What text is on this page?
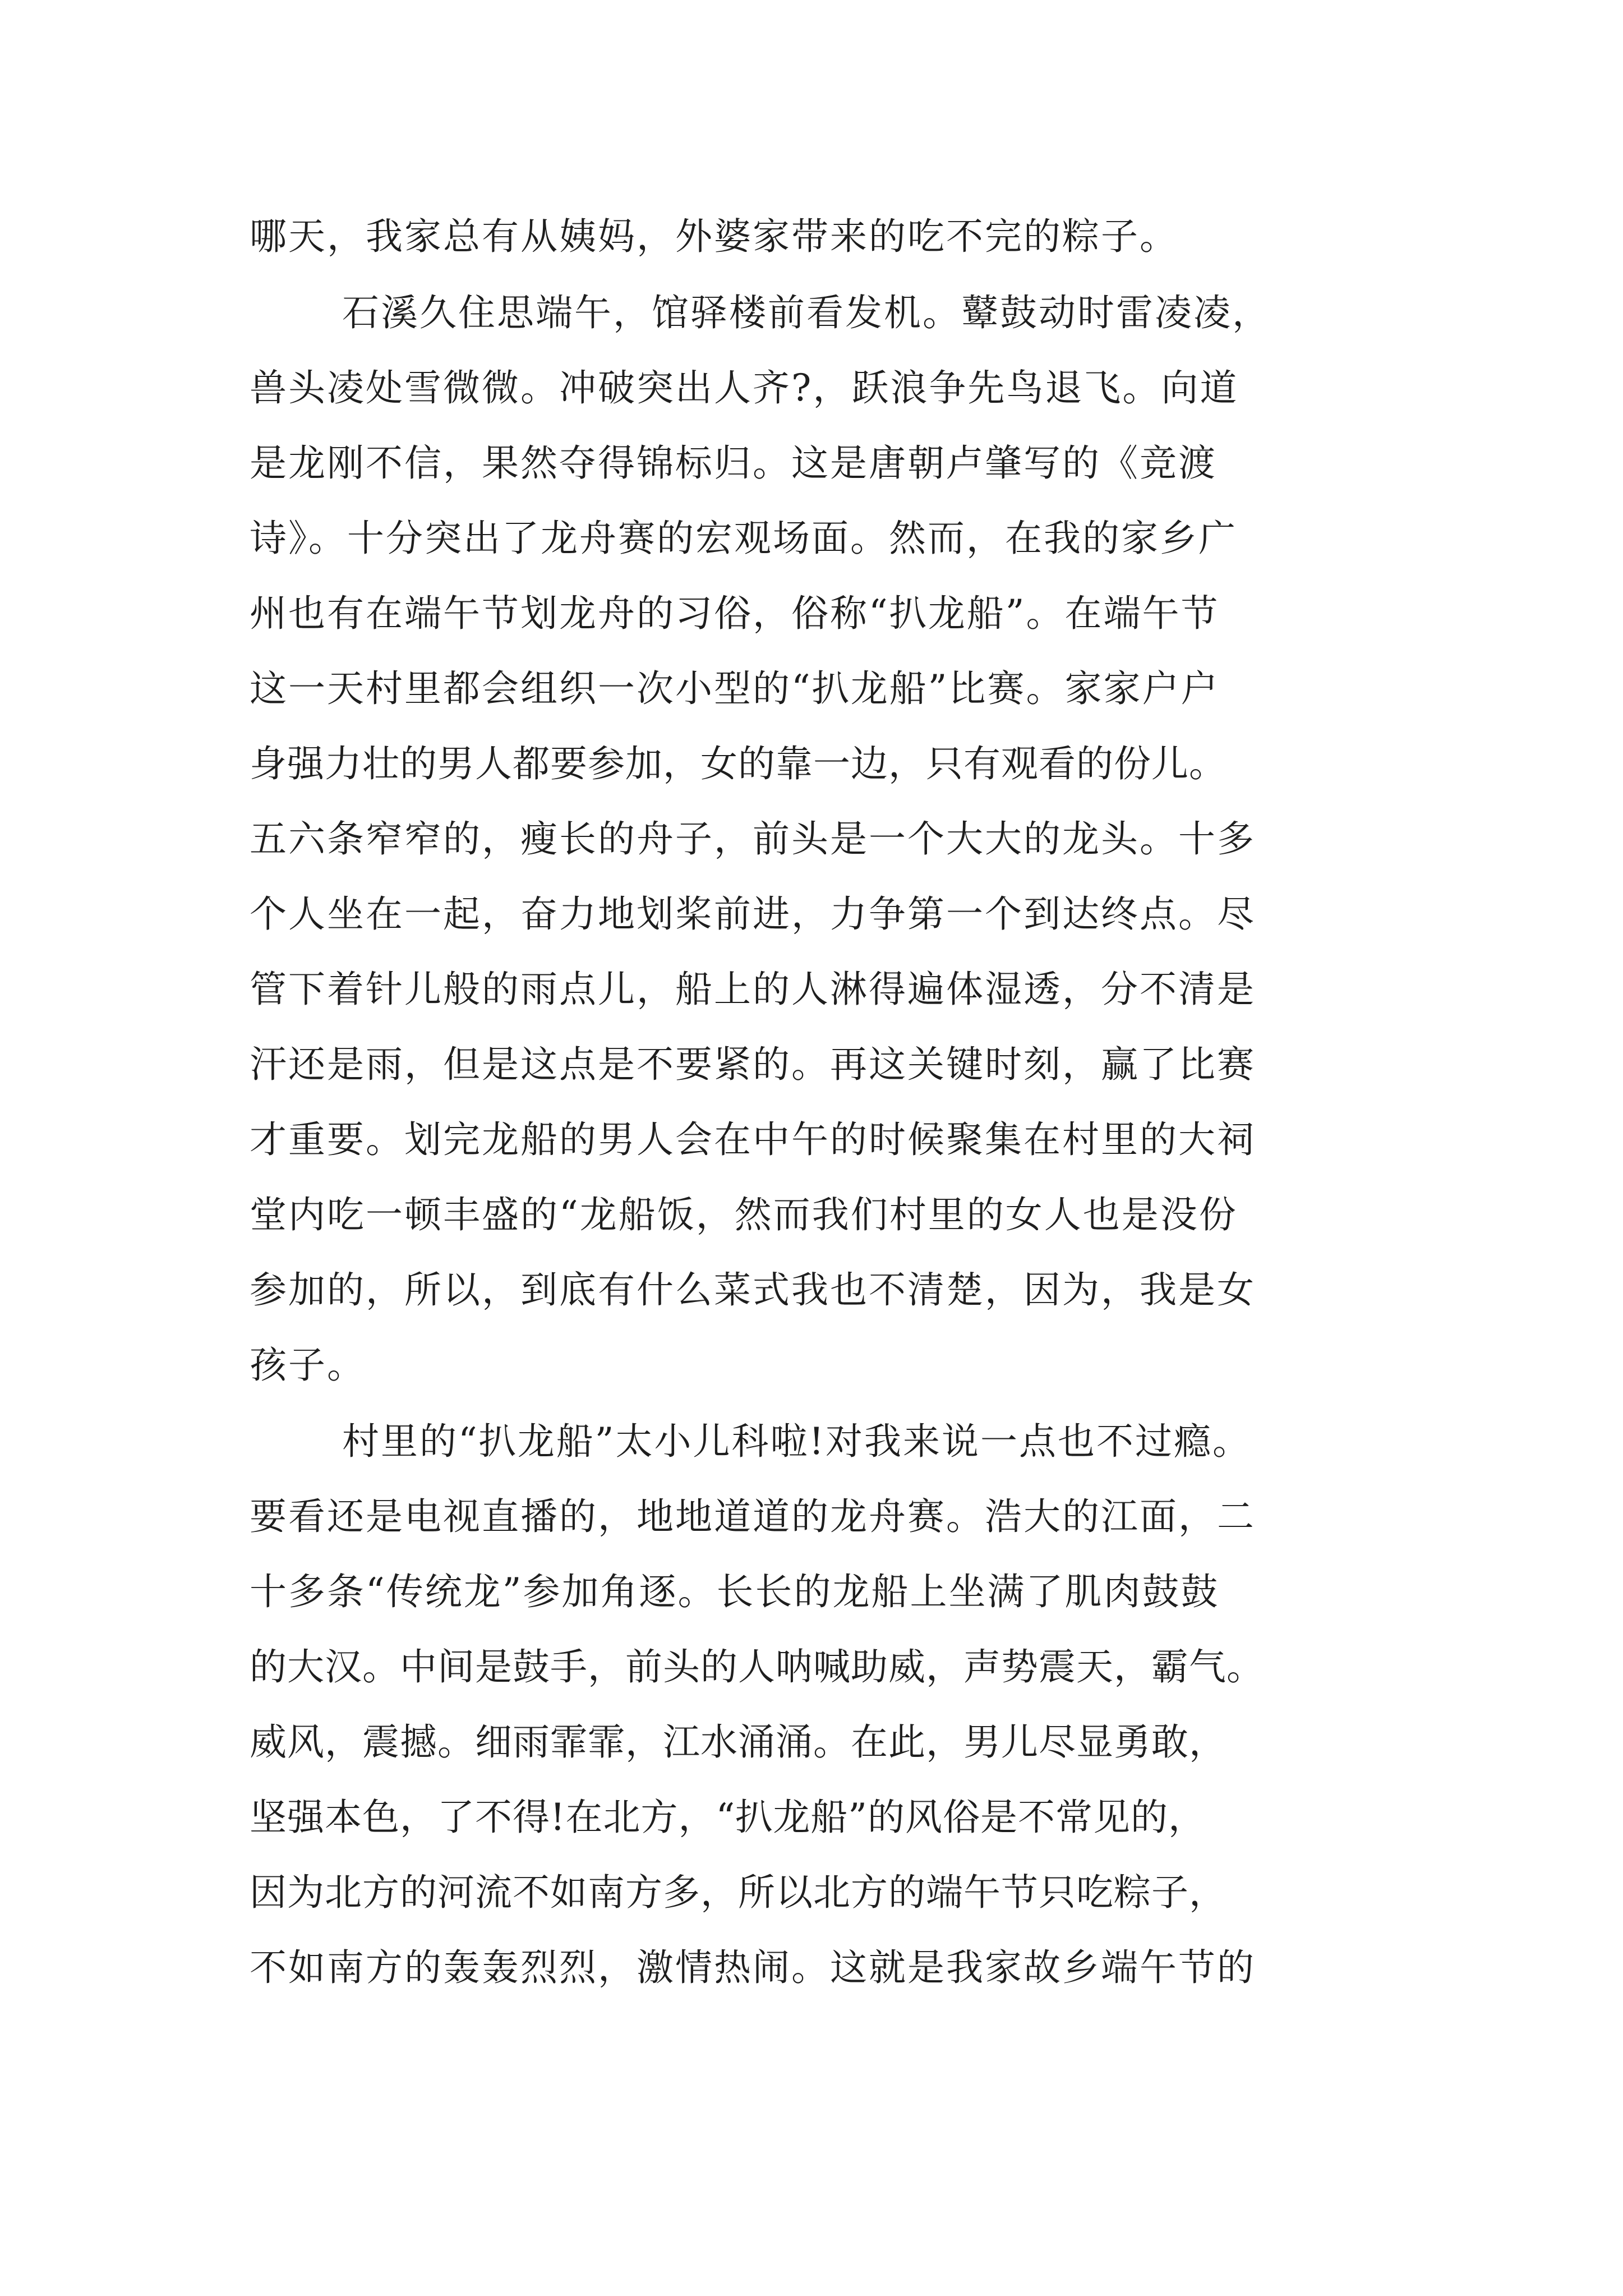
哪天，我家总有从姨妈，外婆家带来的吃不完的粽子。
石溪久住思端午，馆驿楼前看发机。鼙鼓动时雷凌凌，
兽头凌处雪微微。冲破突出人齐?，跃浪争先鸟退飞。向道
是龙刚不信，果然夺得锦标归。这是唐朝卢肇写的《竞渡
诗》。十分突出了龙舟赛的宏观场面。然而，在我的家乡广
州也有在端午节划龙舟的习俗，俗称“扒龙船”。在端午节
这一天村里都会组织一次小型的“扒龙船”比赛。家家户户
身强力壮的男人都要参加，女的靠一边，只有观看的份儿。
五六条窄窄的，瘦长的舟子，前头是一个大大的龙头。十多
个人坐在一起，奋力地划桨前进，力争第一个到达终点。尽
管下着针儿般的雨点儿，船上的人淋得遍体湿透，分不清是
汗还是雨，但是这点是不要紧的。再这关键时刻，赢了比赛
才重要。划完龙船的男人会在中午的时候聚集在村里的大祠
堂内吃一顿丰盛的“龙船饭，然而我们村里的女人也是没份
参加的，所以，到底有什么菜式我也不清楚，因为，我是女
孩子。
村里的“扒龙船”太小儿科啦!对我来说一点也不过瘾。
要看还是电视直播的，地地道道的龙舟赛。浩大的江面，二
十多条“传统龙”参加角逐。长长的龙船上坐满了肌肉鼓鼓
的大汉。中间是鼓手，前头的人呐喊助威，声势震天，霸气。
威风，震撼。细雨霏霏，江水涌涌。在此，男儿尽显勇敢，
坚强本色，了不得!在北方，“扒龙船”的风俗是不常见的，
因为北方的河流不如南方多，所以北方的端午节只吃粽子，
不如南方的轰轰烈烈，激情热闹。这就是我家故乡端午节的
